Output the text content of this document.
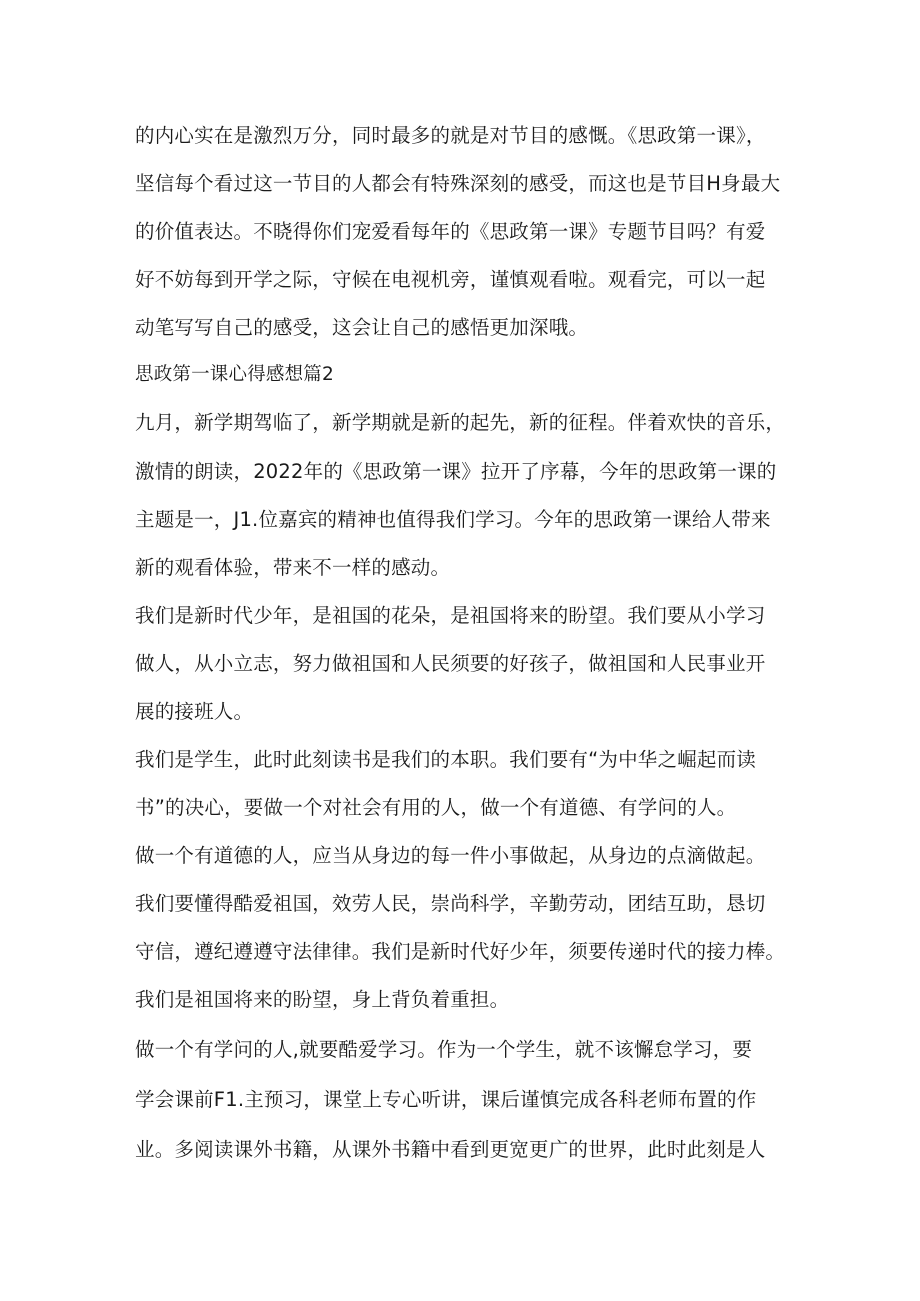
的内心实在是激烈万分，同时最多的就是对节目的感慨。《思政第一课》，
坚信每个看过这一节目的人都会有特殊深刻的感受，而这也是节目H身最大
的价值表达。不晓得你们宠爱看每年的《思政第一课》专题节目吗？有爱
好不妨每到开学之际，守候在电视机旁，谨慎观看啦。观看完，可以一起
动笔写写自己的感受，这会让自己的感悟更加深哦。
思政第一课心得感想篇2
九月，新学期驾临了，新学期就是新的起先，新的征程。伴着欢快的音乐，
激情的朗读，2022年的《思政第一课》拉开了序幕，今年的思政第一课的
主题是一，J1.位嘉宾的精神也值得我们学习。今年的思政第一课给人带来
新的观看体验，带来不一样的感动。
我们是新时代少年，是祖国的花朵，是祖国将来的盼望。我们要从小学习
做人，从小立志，努力做祖国和人民须要的好孩子，做祖国和人民事业开
展的接班人。
我们是学生，此时此刻读书是我们的本职。我们要有“为中华之崛起而读
书”的决心，要做一个对社会有用的人，做一个有道德、有学问的人。
做一个有道德的人，应当从身边的每一件小事做起，从身边的点滴做起。
我们要懂得酷爱祖国，效劳人民，崇尚科学，辛勤劳动，团结互助，恳切
守信，遵纪遵遵守法律律。我们是新时代好少年，须要传递时代的接力棒。
我们是祖国将来的盼望，身上背负着重担。
做一个有学问的人,就要酷爱学习。作为一个学生，就不该懈怠学习，要
学会课前F1.主预习，课堂上专心听讲，课后谨慎完成各科老师布置的作
业。多阅读课外书籍，从课外书籍中看到更宽更广的世界，此时此刻是人
